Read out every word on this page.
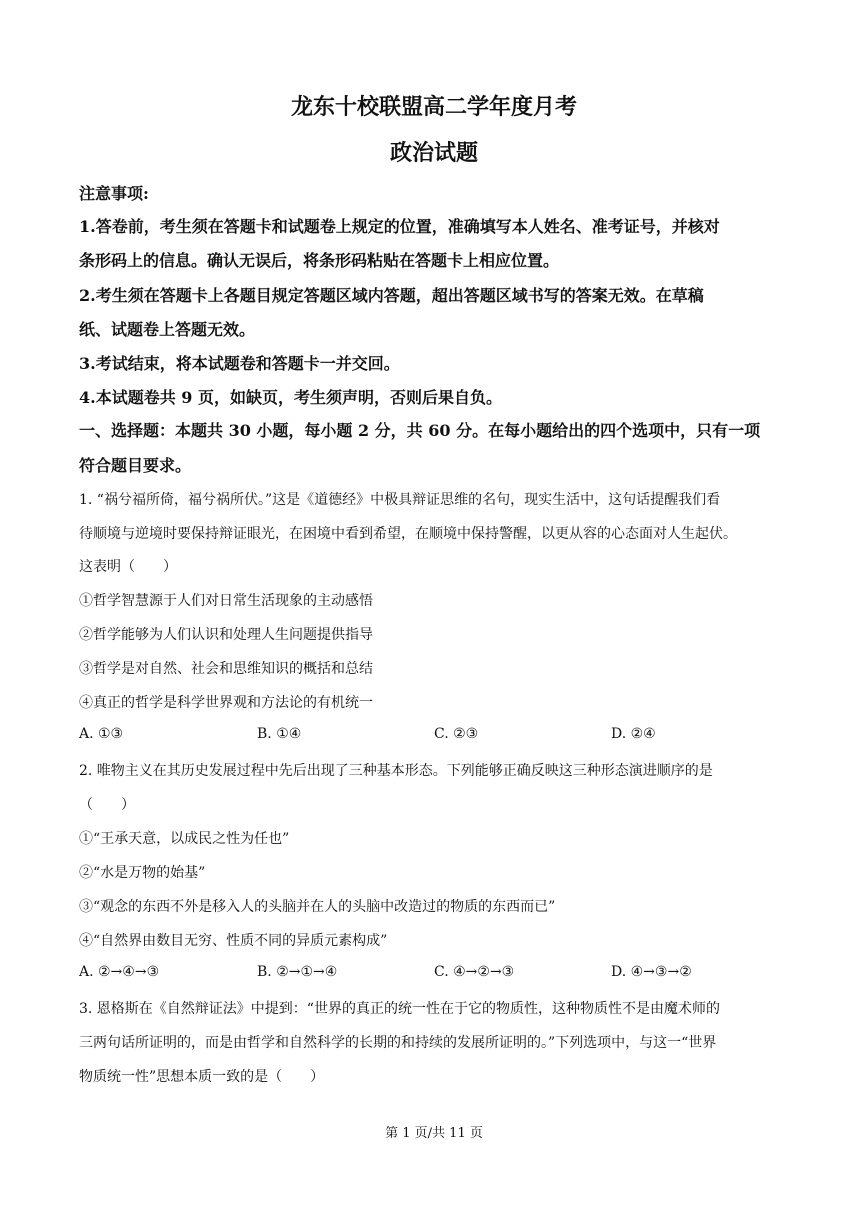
龙东十校联盟高二学年度月考
政治试题
注意事项:
1.答卷前，考生须在答题卡和试题卷上规定的位置，准确填写本人姓名、准考证号，并核对
条形码上的信息。确认无误后，将条形码粘贴在答题卡上相应位置。
2.考生须在答题卡上各题目规定答题区域内答题，超出答题区域书写的答案无效。在草稿
纸、试题卷上答题无效。
3.考试结束，将本试题卷和答题卡一并交回。
4.本试题卷共 9 页，如缺页，考生须声明，否则后果自负。
一、选择题：本题共 30 小题，每小题 2 分，共 60 分。在每小题给出的四个选项中，只有一项
符合题目要求。
1. “祸兮福所倚，福兮祸所伏。”这是《道德经》中极具辩证思维的名句，现实生活中，这句话提醒我们看
待顺境与逆境时要保持辩证眼光，在困境中看到希望，在顺境中保持警醒，以更从容的心态面对人生起伏。
这表明（　　）
①哲学智慧源于人们对日常生活现象的主动感悟
②哲学能够为人们认识和处理人生问题提供指导
③哲学是对自然、社会和思维知识的概括和总结
④真正的哲学是科学世界观和方法论的有机统一
A. ①③	B. ①④	C. ②③	D. ②④
2. 唯物主义在其历史发展过程中先后出现了三种基本形态。下列能够正确反映这三种形态演进顺序的是
（　　）
①“王承天意，以成民之性为任也”
②“水是万物的始基”
③“观念的东西不外是移入人的头脑并在人的头脑中改造过的物质的东西而已”
④“自然界由数目无穷、性质不同的异质元素构成”
A. ②→④→③	B. ②→①→④	C. ④→②→③	D. ④→③→②
3. 恩格斯在《自然辩证法》中提到：“世界的真正的统一性在于它的物质性，这种物质性不是由魔术师的
三两句话所证明的，而是由哲学和自然科学的长期的和持续的发展所证明的。”下列选项中，与这一“世界
物质统一性”思想本质一致的是（　　）
第 1 页/共 11 页
